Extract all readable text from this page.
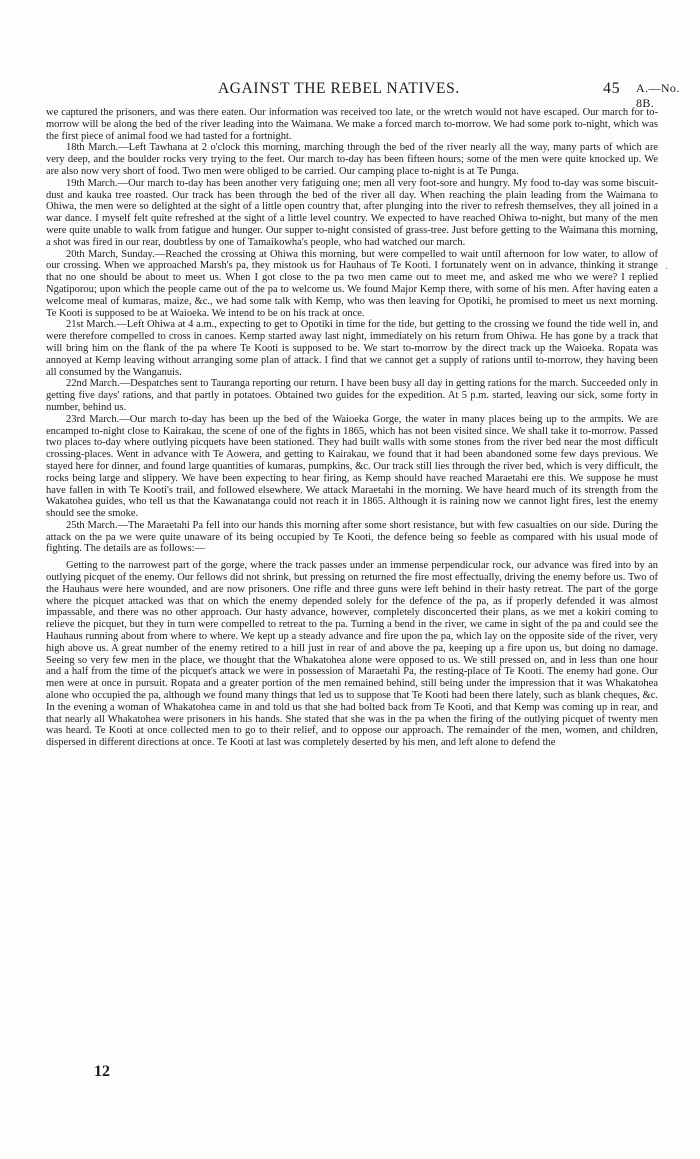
AGAINST THE REBEL NATIVES.	45 A.—No. 8B.
·

we captured the prisoners, and was there eaten. Our information was received too late, or the wretch would not have escaped. Our march for to-morrow will be along the bed of the river leading into the Waimana. We make a forced march to-morrow. We had some pork to-night, which was the first piece of animal food we had tasted for a fortnight.

18th March.—Left Tawhana at 2 o'clock this morning, marching through the bed of the river nearly all the way, many parts of which are very deep, and the boulder rocks very trying to the feet. Our march to-day has been fifteen hours; some of the men were quite knocked up. We are also now very short of food. Two men were obliged to be carried. Our camping place to-night is at Te Punga.

19th March.—Our march to-day has been another very fatiguing one; men all very foot-sore and hungry. My food to-day was some biscuit-dust and kauka tree roasted. Our track has been through the bed of the river all day. When reaching the plain leading from the Waimana to Ohiwa, the men were so delighted at the sight of a little open country that, after plunging into the river to refresh themselves, they all joined in a war dance. I myself felt quite refreshed at the sight of a little level country. We expected to have reached Ohiwa to-night, but many of the men were quite unable to walk from fatigue and hunger. Our supper to-night consisted of grass-tree. Just before getting to the Waimana this morning, a shot was fired in our rear, doubtless by one of Tamaikowha's people, who had watched our march.

20th March, Sunday.—Reached the crossing at Ohiwa this morning, but were compelled to wait until afternoon for low water, to allow of our crossing. When we approached Marsh's pa, they mistook us for Hauhaus of Te Kooti. I fortunately went on in advance, thinking it strange that no one should be about to meet us. When I got close to the pa two men came out to meet me, and asked me who we were? I replied Ngatiporou; upon which the people came out of the pa to welcome us. We found Major Kemp there, with some of his men. After having eaten a welcome meal of kumaras, maize, &c., we had some talk with Kemp, who was then leaving for Opotiki, he promised to meet us next morning. Te Kooti is supposed to be at Waioeka. We intend to be on his track at once.

21st March.—Left Ohiwa at 4 a.m., expecting to get to Opotiki in time for the tide, but getting to the crossing we found the tide well in, and were therefore compelled to cross in canoes. Kemp started away last night, immediately on his return from Ohiwa. He has gone by a track that will bring him on the flank of the pa where Te Kooti is supposed to be. We start to-morrow by the direct track up the Waioeka. Ropata was annoyed at Kemp leaving without arranging some plan of attack. I find that we cannot get a supply of rations until to-morrow, they having been all consumed by the Wanganuis.

22nd March.—Despatches sent to Tauranga reporting our return. I have been busy all day in getting rations for the march. Succeeded only in getting five days' rations, and that partly in potatoes. Obtained two guides for the expedition. At 5 p.m. started, leaving our sick, some forty in number, behind us.

23rd March.—Our march to-day has been up the bed of the Waioeka Gorge, the water in many places being up to the armpits. We are encamped to-night close to Kairakau, the scene of one of the fights in 1865, which has not been visited since. We shall take it to-morrow. Passed two places to-day where outlying picquets have been stationed. They had built walls with some stones from the river bed near the most difficult crossing-places. Went in advance with Te Aowera, and getting to Kairakau, we found that it had been abandoned some few days previous. We stayed here for dinner, and found large quantities of kumaras, pumpkins, &c. Our track still lies through the river bed, which is very difficult, the rocks being large and slippery. We have been expecting to hear firing, as Kemp should have reached Maraetahi ere this. We suppose he must have fallen in with Te Kooti's trail, and followed elsewhere. We attack Maraetahi in the morning. We have heard much of its strength from the Wakatohea guides, who tell us that the Kawanatanga could not reach it in 1865. Although it is raining now we cannot light fires, lest the enemy should see the smoke.

25th March.—The Maraetahi Pa fell into our hands this morning after some short resistance, but with few casualties on our side. During the attack on the pa we were quite unaware of its being occupied by Te Kooti, the defence being so feeble as compared with his usual mode of fighting. The details are as follows:—

Getting to the narrowest part of the gorge, where the track passes under an immense perpendicular rock, our advance was fired into by an outlying picquet of the enemy. Our fellows did not shrink, but pressing on returned the fire most effectually, driving the enemy before us. Two of the Hauhaus were here wounded, and are now prisoners. One rifle and three guns were left behind in their hasty retreat. The part of the gorge where the picquet attacked was that on which the enemy depended solely for the defence of the pa, as if properly defended it was almost impassable, and there was no other approach. Our hasty advance, however, completely disconcerted their plans, as we met a kokiri coming to relieve the picquet, but they in turn were compelled to retreat to the pa. Turning a bend in the river, we came in sight of the pa and could see the Hauhaus running about from where to where. We kept up a steady advance and fire upon the pa, which lay on the opposite side of the river, very high above us. A great number of the enemy retired to a hill just in rear of and above the pa, keeping up a fire upon us, but doing no damage. Seeing so very few men in the place, we thought that the Whakatohea alone were opposed to us. We still pressed on, and in less than one hour and a half from the time of the picquet's attack we were in possession of Maraetahi Pa, the resting-place of Te Kooti. The enemy had gone. Our men were at once in pursuit. Ropata and a greater portion of the men remained behind, still being under the impression that it was Whakatohea alone who occupied the pa, although we found many things that led us to suppose that Te Kooti had been there lately, such as blank cheques, &c. In the evening a woman of Whakatohea came in and told us that she had bolted back from Te Kooti, and that Kemp was coming up in rear, and that nearly all Whakatohea were prisoners in his hands. She stated that she was in the pa when the firing of the outlying picquet of twenty men was heard. Te Kooti at once collected men to go to their relief, and to oppose our approach. The remainder of the men, women, and children, dispersed in different directions at once. Te Kooti at last was completely deserted by his men, and left alone to defend the

12
